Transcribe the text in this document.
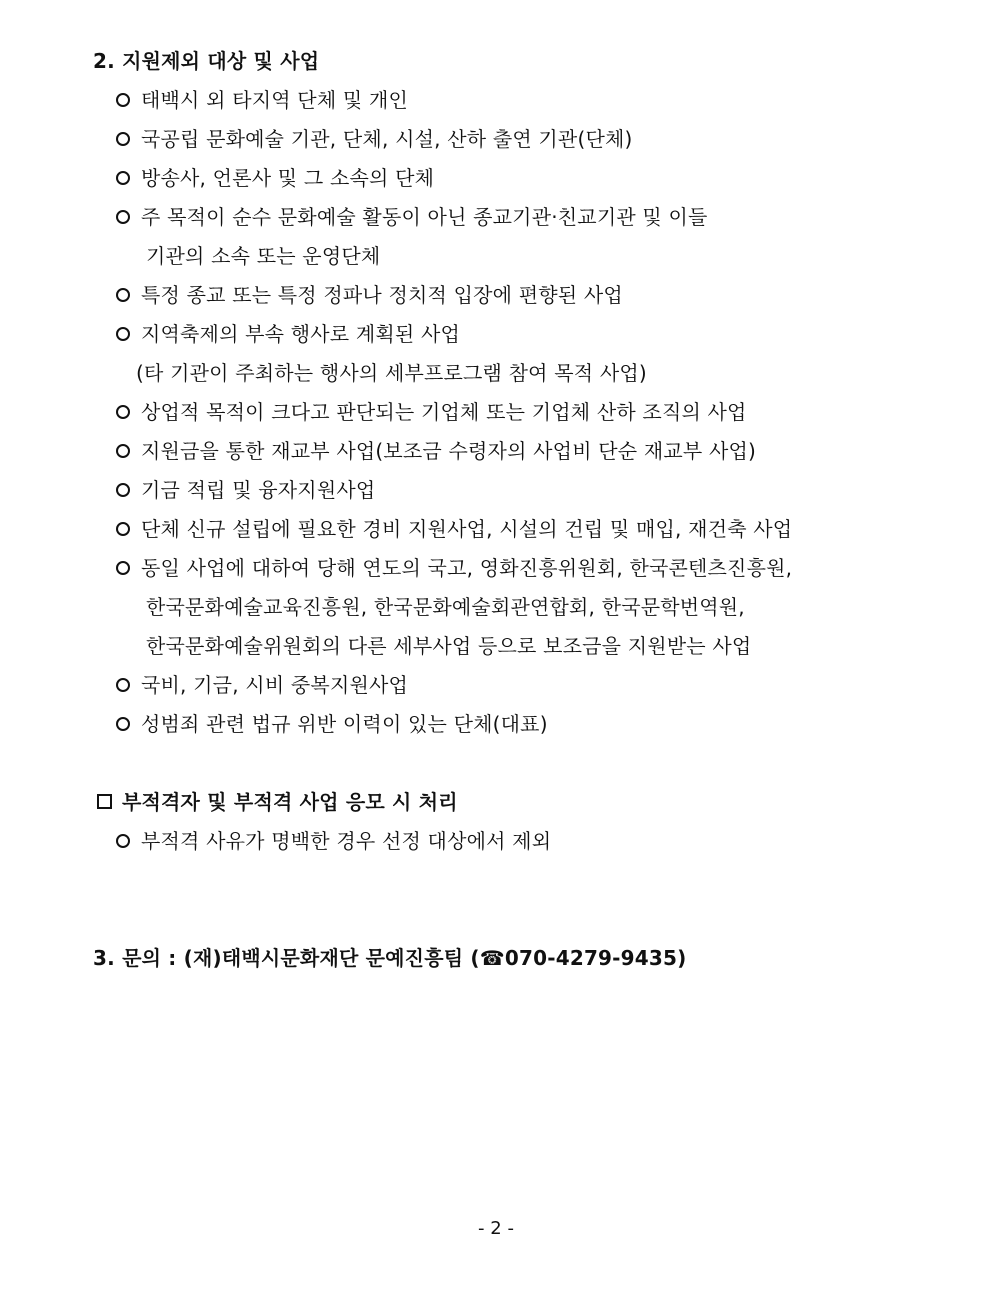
2. 지원제외 대상 및 사업
태백시 외 타지역 단체 및 개인
국공립 문화예술 기관, 단체, 시설, 산하 출연 기관(단체)
방송사, 언론사 및 그 소속의 단체
주 목적이 순수 문화예술 활동이 아닌 종교기관·친교기관 및 이들
기관의 소속 또는 운영단체
특정 종교 또는 특정 정파나 정치적 입장에 편향된 사업
지역축제의 부속 행사로 계획된 사업
(타 기관이 주최하는 행사의 세부프로그램 참여 목적 사업)
상업적 목적이 크다고 판단되는 기업체 또는 기업체 산하 조직의 사업
지원금을 통한 재교부 사업(보조금 수령자의 사업비 단순 재교부 사업)
기금 적립 및 융자지원사업
단체 신규 설립에 필요한 경비 지원사업, 시설의 건립 및 매입, 재건축 사업
동일 사업에 대하여 당해 연도의 국고, 영화진흥위원회, 한국콘텐츠진흥원,
한국문화예술교육진흥원, 한국문화예술회관연합회, 한국문학번역원,
한국문화예술위원회의 다른 세부사업 등으로 보조금을 지원받는 사업
국비, 기금, 시비 중복지원사업
성범죄 관련 법규 위반 이력이 있는 단체(대표)
부적격자 및 부적격 사업 응모 시 처리
부적격 사유가 명백한 경우 선정 대상에서 제외
3. 문의 : (재)태백시문화재단 문예진흥팀 (☎070-4279-9435)
- 2 -
